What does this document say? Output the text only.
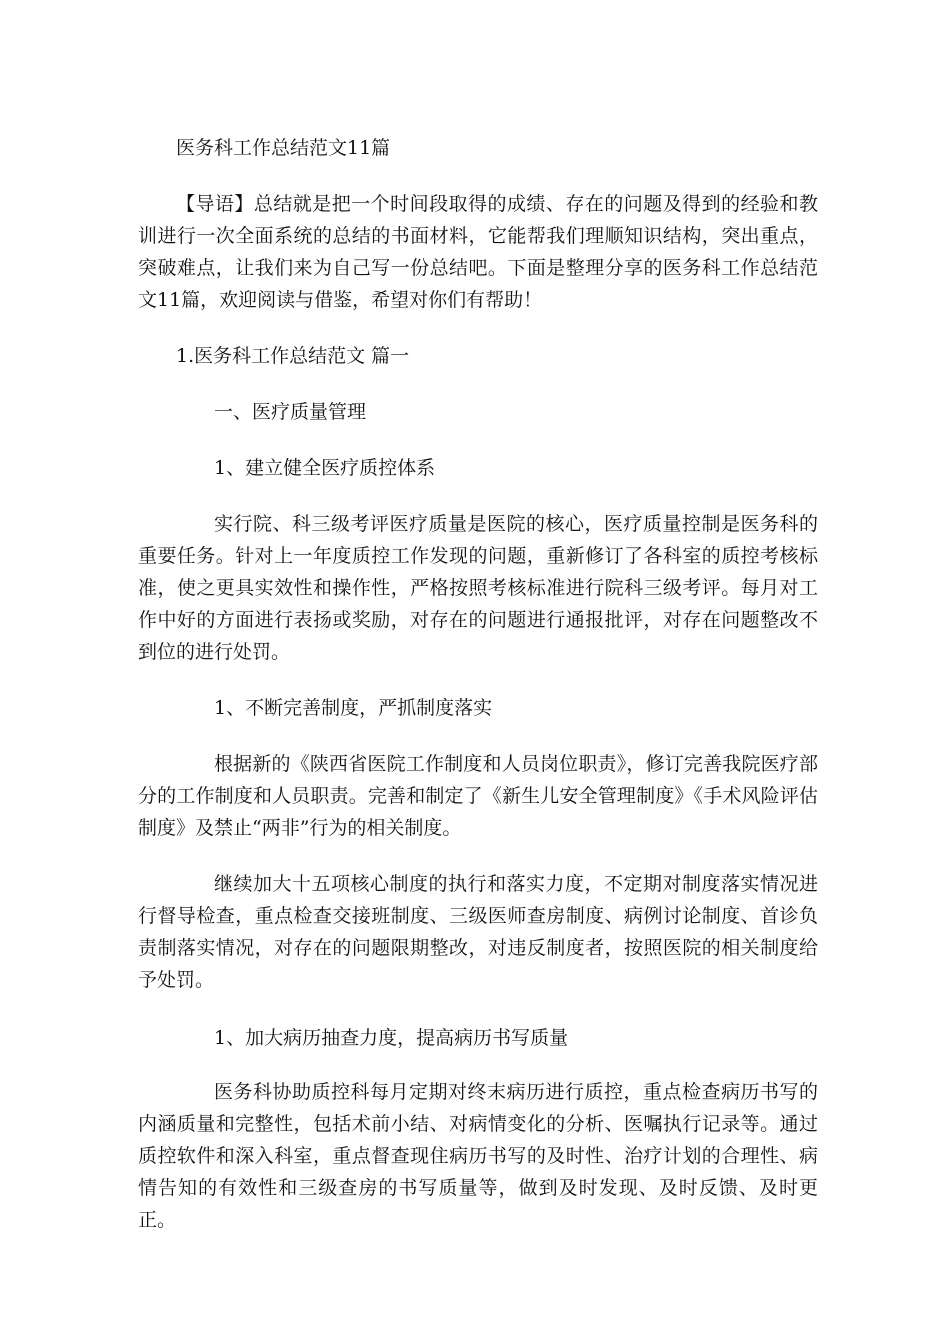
医务科工作总结范文11篇

【导语】总结就是把一个时间段取得的成绩、存在的问题及得到的经验和教训进行一次全面系统的总结的书面材料，它能帮我们理顺知识结构，突出重点，突破难点，让我们来为自己写一份总结吧。下面是整理分享的医务科工作总结范文11篇，欢迎阅读与借鉴，希望对你们有帮助！

1.医务科工作总结范文 篇一

一、医疗质量管理

1、建立健全医疗质控体系

实行院、科三级考评医疗质量是医院的核心，医疗质量控制是医务科的重要任务。针对上一年度质控工作发现的问题，重新修订了各科室的质控考核标准，使之更具实效性和操作性，严格按照考核标准进行院科三级考评。每月对工作中好的方面进行表扬或奖励，对存在的问题进行通报批评，对存在问题整改不到位的进行处罚。

1、不断完善制度，严抓制度落实

根据新的《陕西省医院工作制度和人员岗位职责》，修订完善我院医疗部分的工作制度和人员职责。完善和制定了《新生儿安全管理制度》《手术风险评估制度》及禁止“两非”行为的相关制度。

继续加大十五项核心制度的执行和落实力度，不定期对制度落实情况进行督导检查，重点检查交接班制度、三级医师查房制度、病例讨论制度、首诊负责制落实情况，对存在的问题限期整改，对违反制度者，按照医院的相关制度给予处罚。

1、加大病历抽查力度，提高病历书写质量

医务科协助质控科每月定期对终末病历进行质控，重点检查病历书写的内涵质量和完整性，包括术前小结、对病情变化的分析、医嘱执行记录等。通过质控软件和深入科室，重点督查现住病历书写的及时性、治疗计划的合理性、病情告知的有效性和三级查房的书写质量等，做到及时发现、及时反馈、及时更正。
